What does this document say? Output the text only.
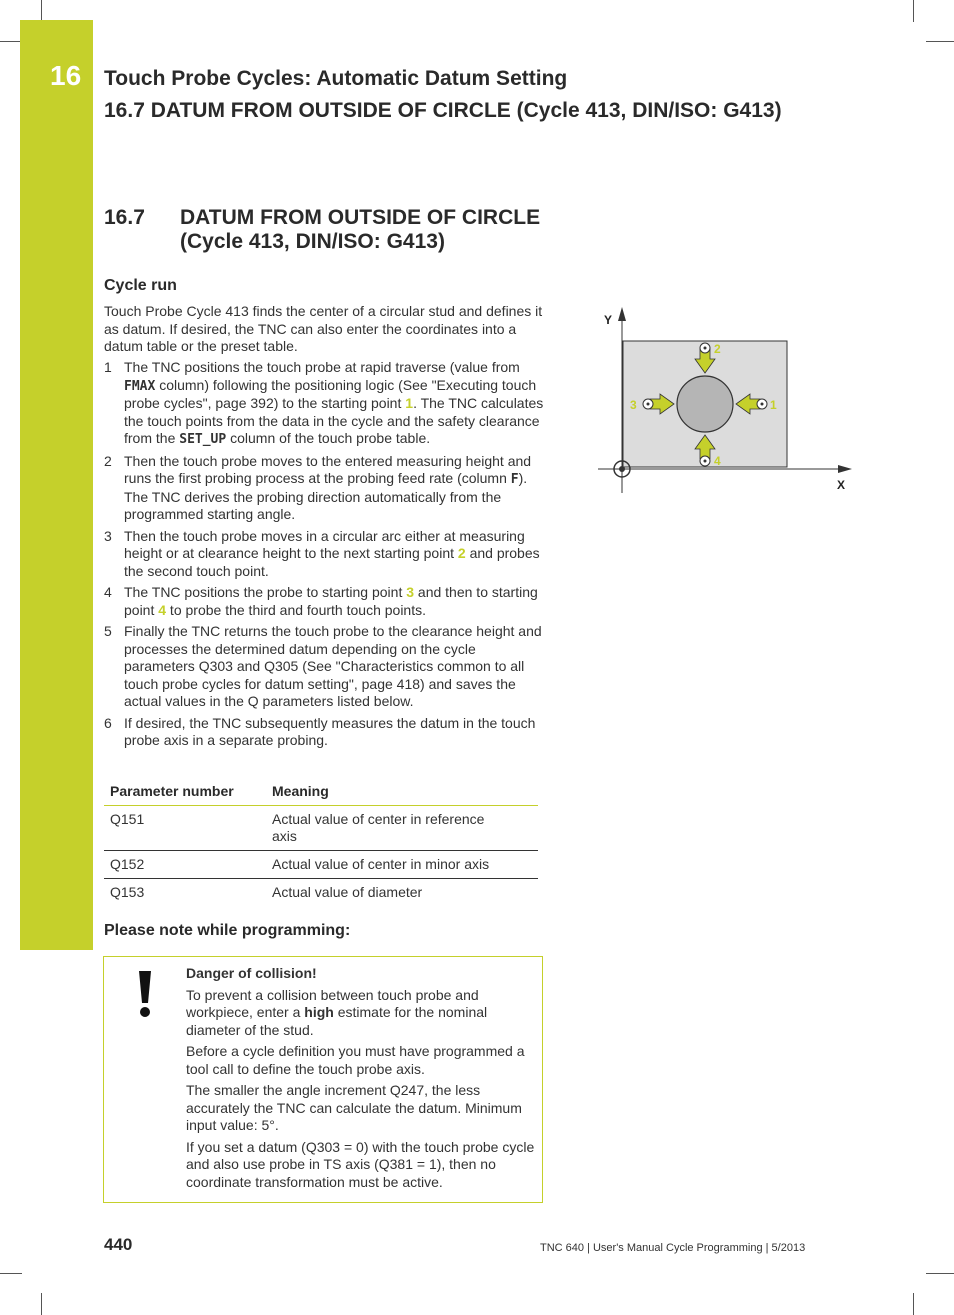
16 Touch Probe Cycles: Automatic Datum Setting
16.7 DATUM FROM OUTSIDE OF CIRCLE (Cycle 413, DIN/ISO: G413)
16.7 DATUM FROM OUTSIDE OF CIRCLE
(Cycle 413, DIN/ISO: G413)
Cycle run

Touch Probe Cycle 413 finds the center of a circular stud and defines it as datum. If desired, the TNC can also enter the coordinates into a datum table or the preset table.

1 The TNC positions the touch probe at rapid traverse (value from FMAX column) following the positioning logic (See "Executing touch probe cycles", page 392) to the starting point 1. The TNC calculates the touch points from the data in the cycle and the safety clearance from the SET_UP column of the touch probe table.
2 Then the touch probe moves to the entered measuring height and runs the first probing process at the probing feed rate (column F). The TNC derives the probing direction automatically from the programmed starting angle.
3 Then the touch probe moves in a circular arc either at measuring height or at clearance height to the next starting point 2 and probes the second touch point.
4 The TNC positions the probe to starting point 3 and then to starting point 4 to probe the third and fourth touch points.
5 Finally the TNC returns the touch probe to the clearance height and processes the determined datum depending on the cycle parameters Q303 and Q305 (See "Characteristics common to all touch probe cycles for datum setting", page 418) and saves the actual values in the Q parameters listed below.
6 If desired, the TNC subsequently measures the datum in the touch probe axis in a separate probing.
Parameter number	Meaning
Q151	Actual value of center in reference axis
Q152	Actual value of center in minor axis
Q153	Actual value of diameter
Please note while programming:

Danger of collision!

To prevent a collision between touch probe and workpiece, enter a high estimate for the nominal diameter of the stud.

Before a cycle definition you must have programmed a tool call to define the touch probe axis.

The smaller the angle increment Q247, the less accurately the TNC can calculate the datum. Minimum input value: 5°.

If you set a datum (Q303 = 0) with the touch probe cycle and also use probe in TS axis (Q381 = 1), then no coordinate transformation must be active.

Y
X
1
2
3
4
440	TNC 640 | User's Manual Cycle Programming | 5/2013
